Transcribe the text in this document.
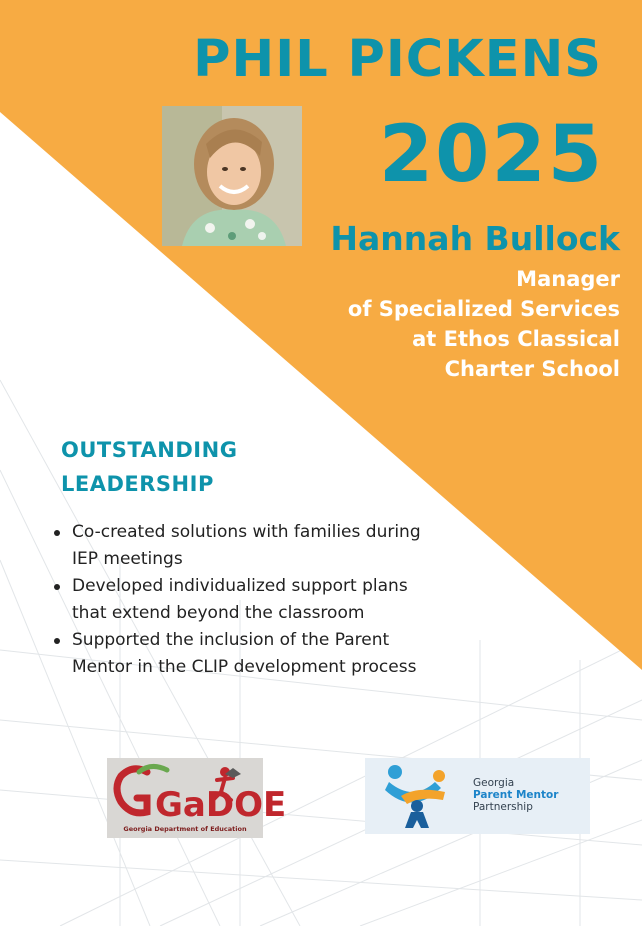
PHIL PICKENS
2025
Hannah Bullock
Manager
of Specialized Services
at Ethos Classical
Charter School
OUTSTANDING
LEADERSHIP
Co-created solutions with families during
IEP meetings
Developed individualized support plans
that extend beyond the classroom
Supported the inclusion of the Parent
Mentor in the CLIP development process
GaDOE
Georgia Department of Education
Georgia
Parent Mentor
Partnership
